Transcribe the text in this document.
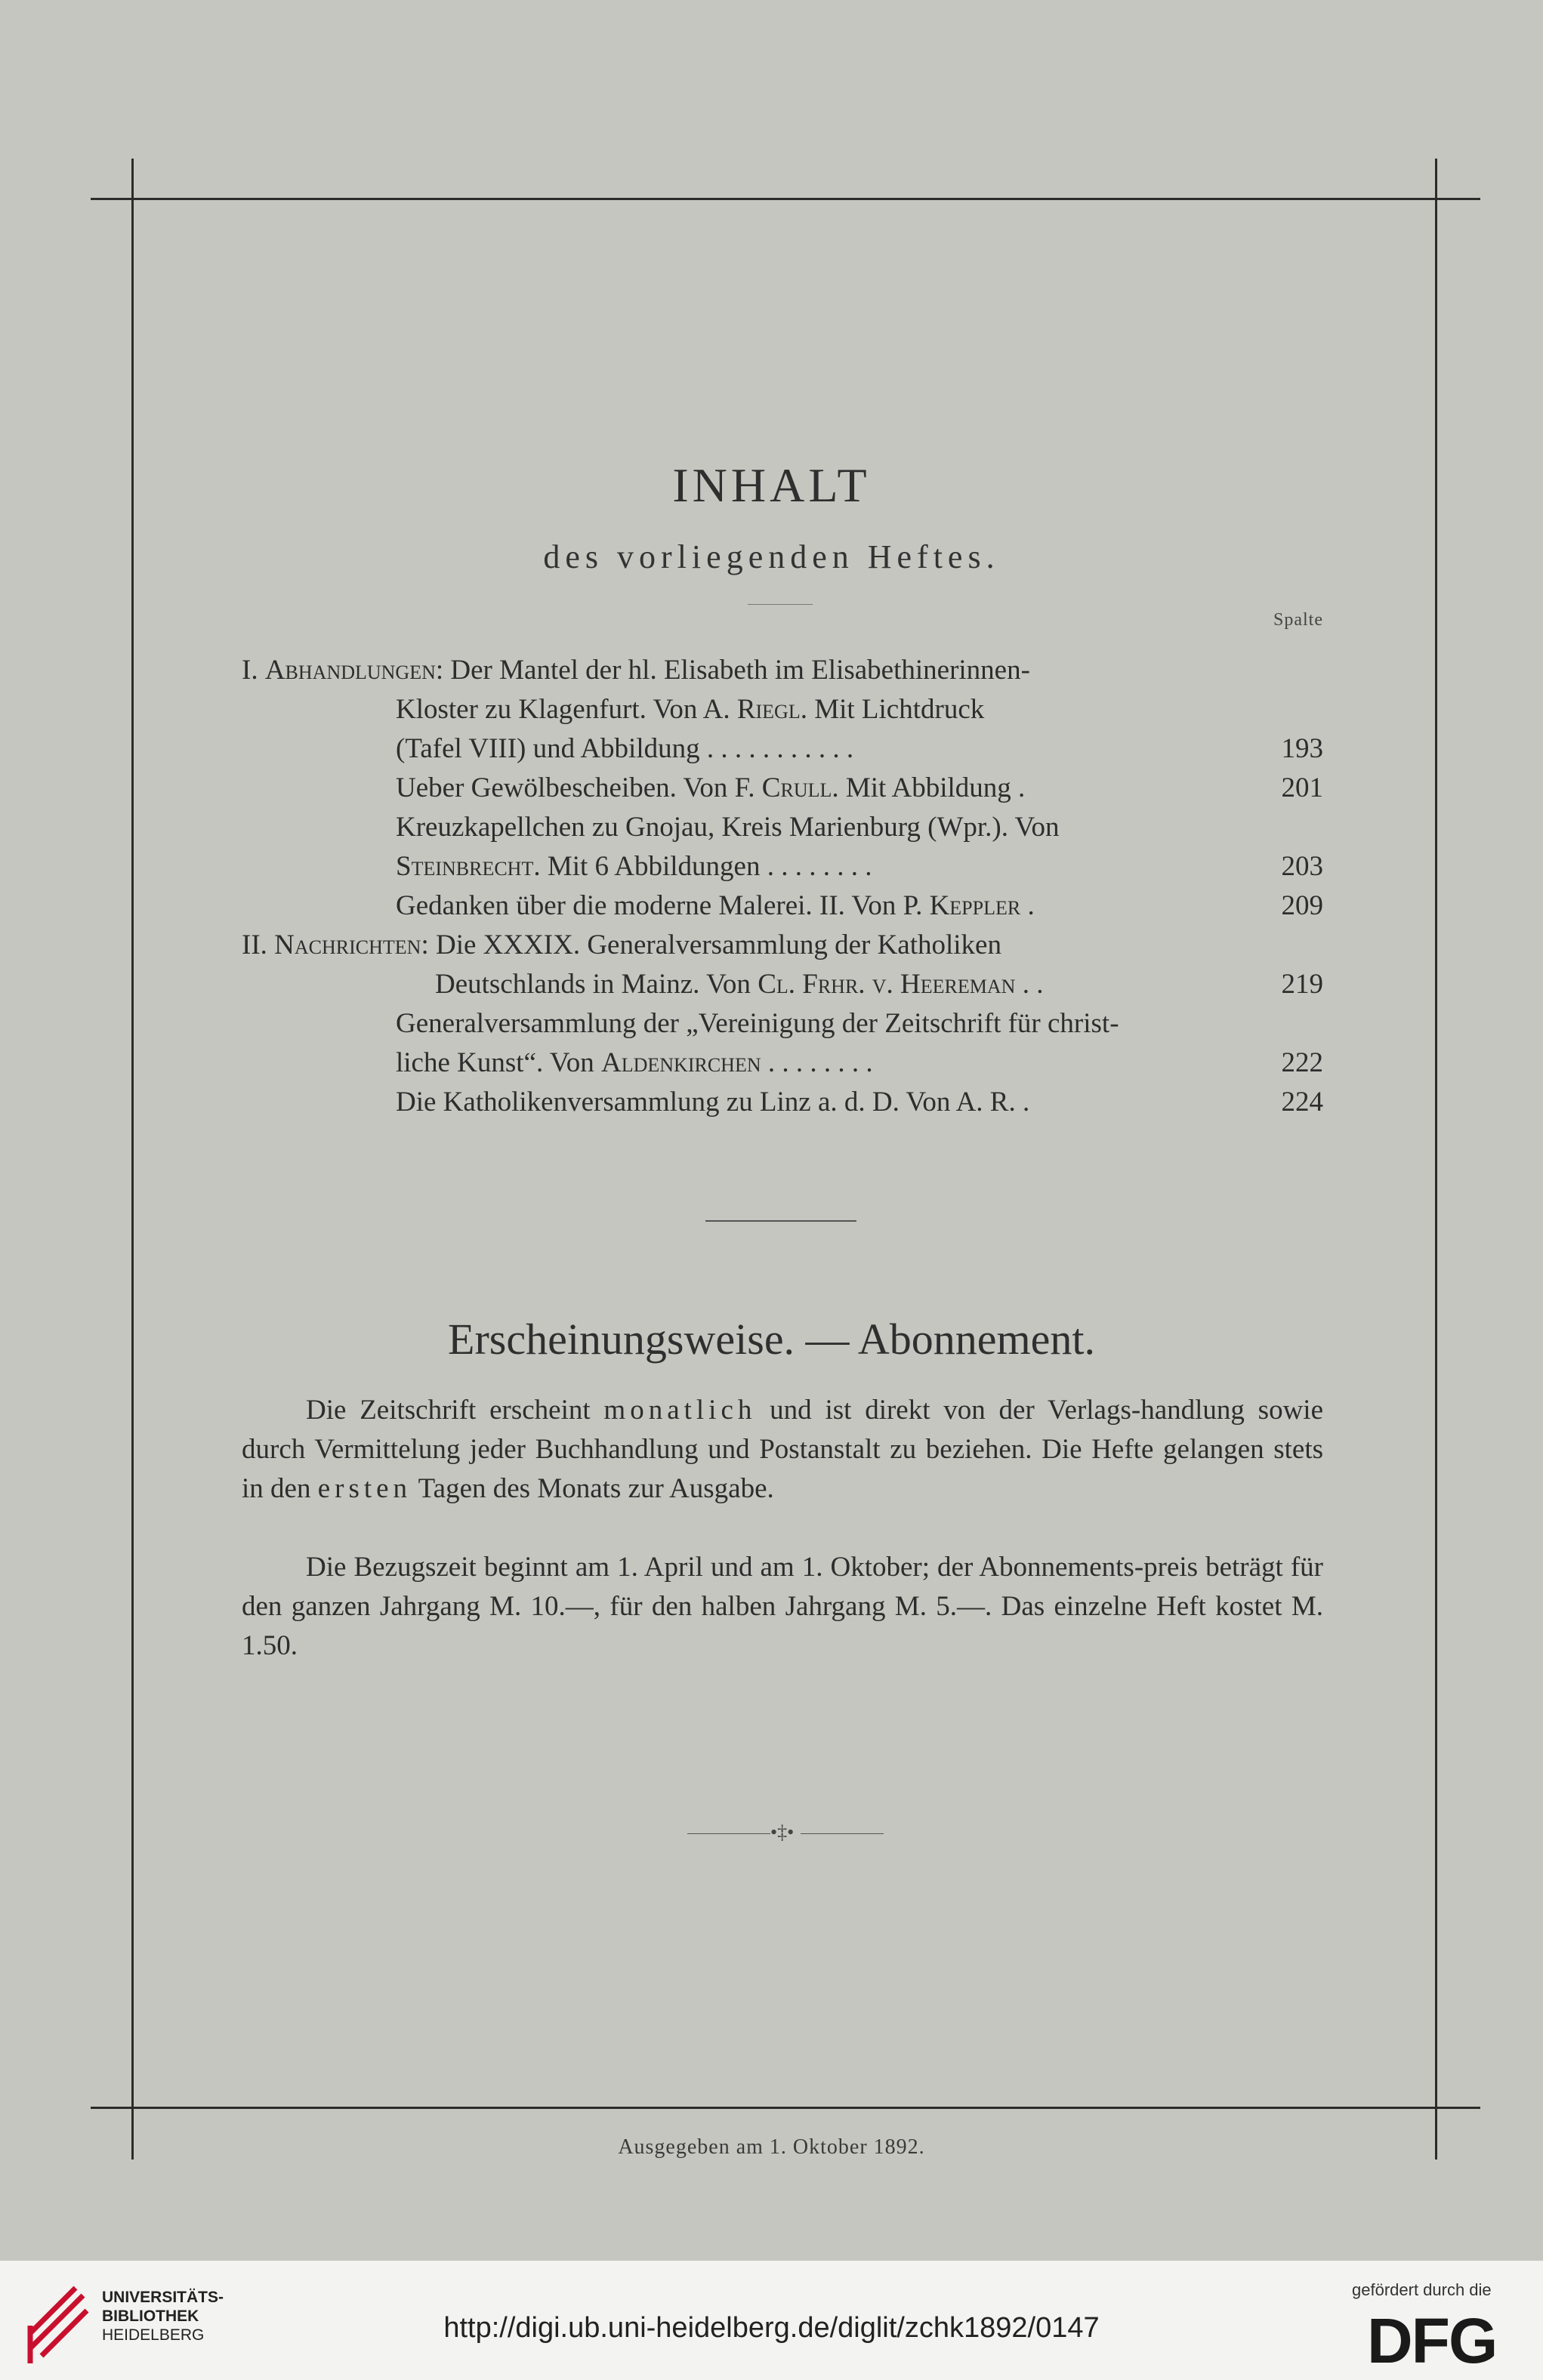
INHALT
des vorliegenden Heftes.
Spalte
I. Abhandlungen: Der Mantel der hl. Elisabeth im Elisabethinerinnen-
Kloster zu Klagenfurt. Von A. Riegl. Mit Lichtdruck
(Tafel VIII) und Abbildung . . . . . . . . . . .	193
Ueber Gewölbescheiben. Von F. Crull. Mit Abbildung .	201
Kreuzkapellchen zu Gnojau, Kreis Marienburg (Wpr.). Von
Steinbrecht. Mit 6 Abbildungen . . . . . . . .	203
Gedanken über die moderne Malerei. II. Von P. Keppler .	209
II. Nachrichten: Die XXXIX. Generalversammlung der Katholiken
Deutschlands in Mainz. Von Cl. Frhr. v. Heereman . .	219
Generalversammlung der „Vereinigung der Zeitschrift für christ-
liche Kunst“. Von Aldenkirchen . . . . . . . .	222
Die Katholikenversammlung zu Linz a. d. D. Von A. R. .	224
Erscheinungsweise. — Abonnement.
Die Zeitschrift erscheint monatlich und ist direkt von der Verlags-handlung sowie durch Vermittelung jeder Buchhandlung und Postanstalt zu beziehen. Die Hefte gelangen stets in den ersten Tagen des Monats zur Ausgabe.
Die Bezugszeit beginnt am 1. April und am 1. Oktober; der Abonnements-preis beträgt für den ganzen Jahrgang M. 10.—, für den halben Jahrgang M. 5.—. Das einzelne Heft kostet M. 1.50.
•‡•
Ausgegeben am 1. Oktober 1892.
UNIVERSITÄTS-
BIBLIOTHEK
HEIDELBERG	http://digi.ub.uni-heidelberg.de/diglit/zchk1892/0147
gefördert durch die
DFG
